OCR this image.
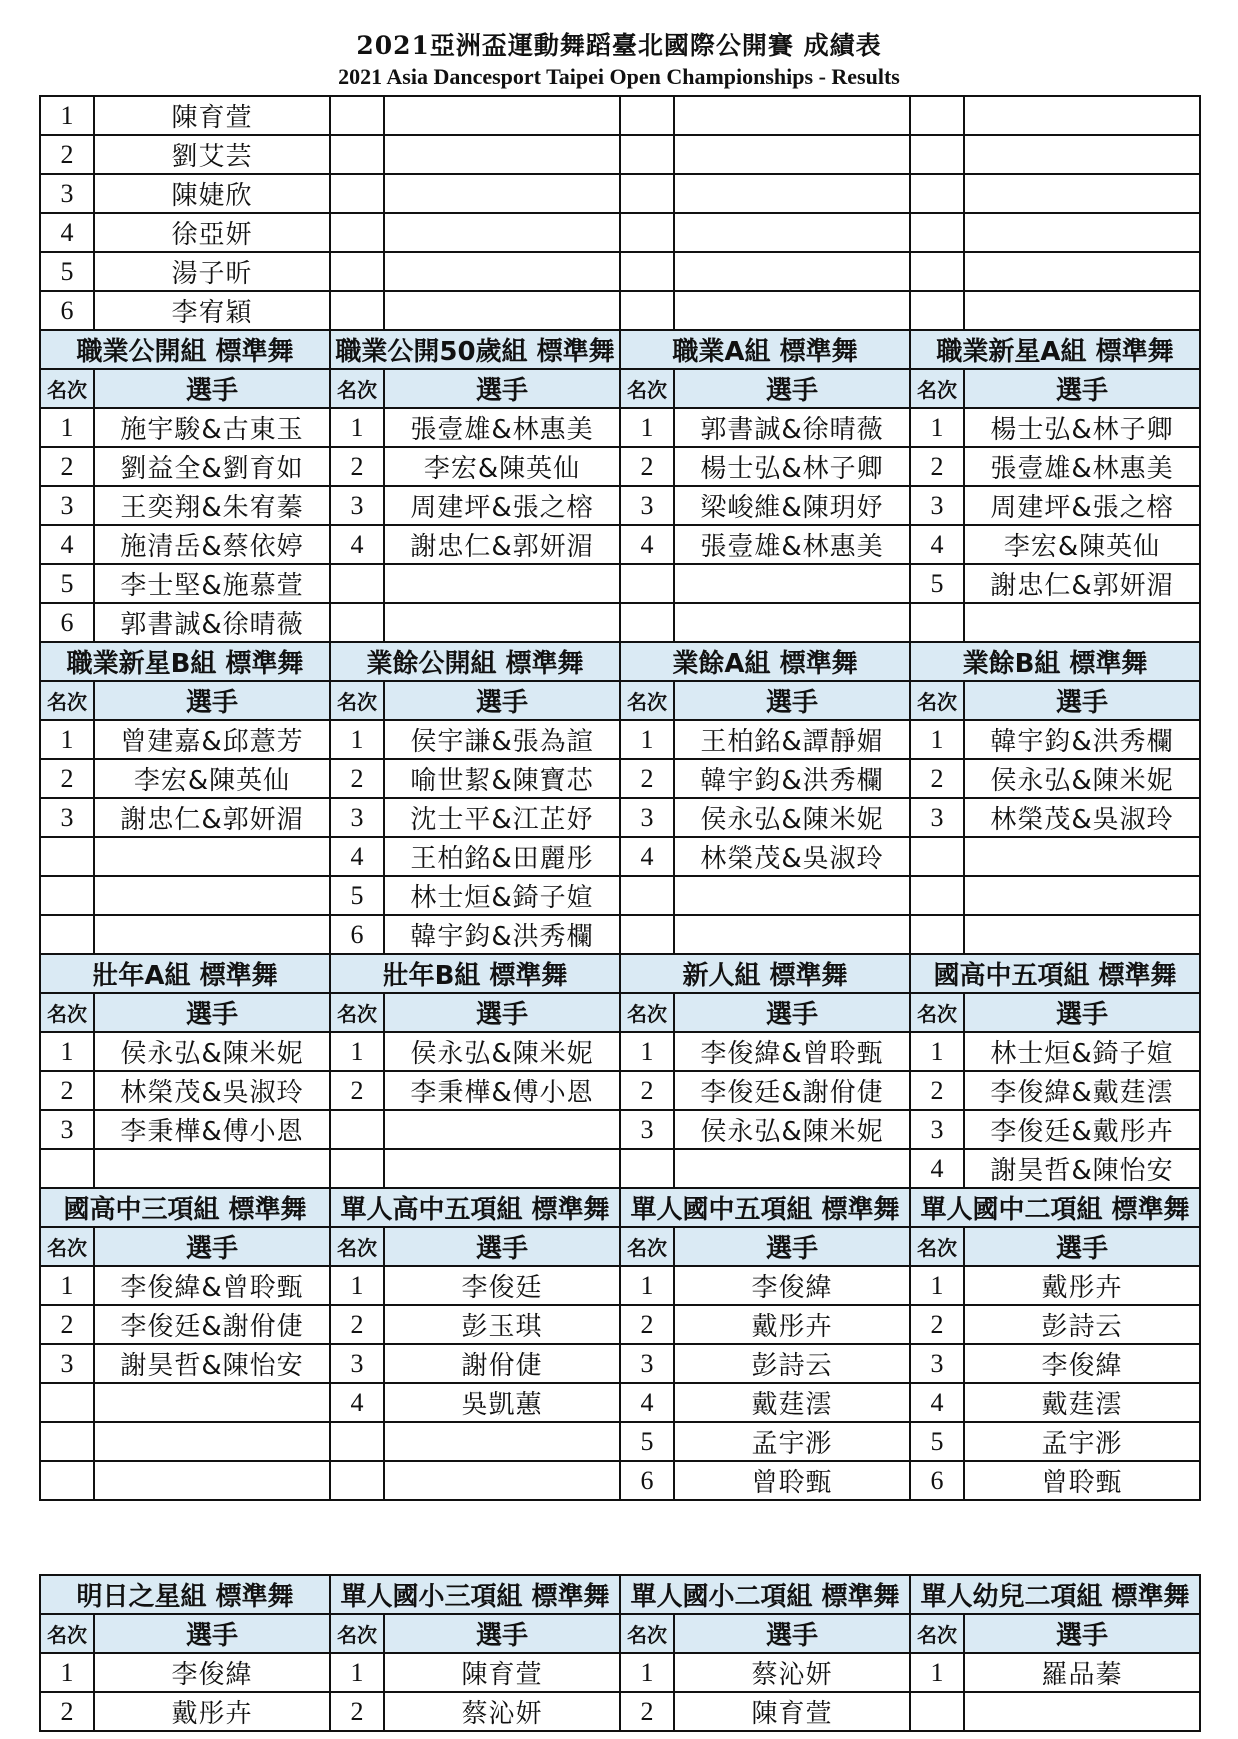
2021亞洲盃運動舞蹈臺北國際公開賽 成績表
2021 Asia Dancesport Taipei Open Championships - Results
1	陳育萱						
2	劉艾芸						
3	陳婕欣						
4	徐亞妍						
5	湯子昕						
6	李宥穎						
職業公開組 標準舞		職業公開50歲組 標準舞		職業A組 標準舞		職業新星A組 標準舞	
名次	選手	名次	選手	名次	選手	名次	選手
1	施宇駿&古東玉	1	張壹雄&林惠美	1	郭書誠&徐晴薇	1	楊士弘&林子卿
2	劉益全&劉育如	2	李宏&陳英仙	2	楊士弘&林子卿	2	張壹雄&林惠美
3	王奕翔&朱宥蓁	3	周建坪&張之榕	3	梁峻維&陳玥妤	3	周建坪&張之榕
4	施清岳&蔡依婷	4	謝忠仁&郭妍湄	4	張壹雄&林惠美	4	李宏&陳英仙
5	李士堅&施慕萱					5	謝忠仁&郭妍湄
6	郭書誠&徐晴薇						
職業新星B組 標準舞		業餘公開組 標準舞		業餘A組 標準舞		業餘B組 標準舞	
名次	選手	名次	選手	名次	選手	名次	選手
1	曾建嘉&邱薏芳	1	侯宇謙&張為諠	1	王柏銘&譚靜媚	1	韓宇鈞&洪秀欄
2	李宏&陳英仙	2	喻世絜&陳寶芯	2	韓宇鈞&洪秀欄	2	侯永弘&陳米妮
3	謝忠仁&郭妍湄	3	沈士平&江芷妤	3	侯永弘&陳米妮	3	林榮茂&吳淑玲
		4	王柏銘&田麗彤	4	林榮茂&吳淑玲		
		5	林士烜&錡子媗				
		6	韓宇鈞&洪秀欄				
壯年A組 標準舞		壯年B組 標準舞		新人組 標準舞		國高中五項組 標準舞	
名次	選手	名次	選手	名次	選手	名次	選手
1	侯永弘&陳米妮	1	侯永弘&陳米妮	1	李俊緯&曾聆甄	1	林士烜&錡子媗
2	林榮茂&吳淑玲	2	李秉樺&傅小恩	2	李俊廷&謝佾倢	2	李俊緯&戴莛澐
3	李秉樺&傅小恩			3	侯永弘&陳米妮	3	李俊廷&戴彤卉
						4	謝昊哲&陳怡安
國高中三項組 標準舞		單人高中五項組 標準舞		單人國中五項組 標準舞		單人國中二項組 標準舞	
名次	選手	名次	選手	名次	選手	名次	選手
1	李俊緯&曾聆甄	1	李俊廷	1	李俊緯	1	戴彤卉
2	李俊廷&謝佾倢	2	彭玉琪	2	戴彤卉	2	彭詩云
3	謝昊哲&陳怡安	3	謝佾倢	3	彭詩云	3	李俊緯
		4	吳凱蕙	4	戴莛澐	4	戴莛澐
				5	孟宇浵	5	孟宇浵
				6	曾聆甄	6	曾聆甄
明日之星組 標準舞		單人國小三項組 標準舞		單人國小二項組 標準舞		單人幼兒二項組 標準舞	
名次	選手	名次	選手	名次	選手	名次	選手
1	李俊緯	1	陳育萱	1	蔡沁妍	1	羅品蓁
2	戴彤卉	2	蔡沁妍	2	陳育萱		
